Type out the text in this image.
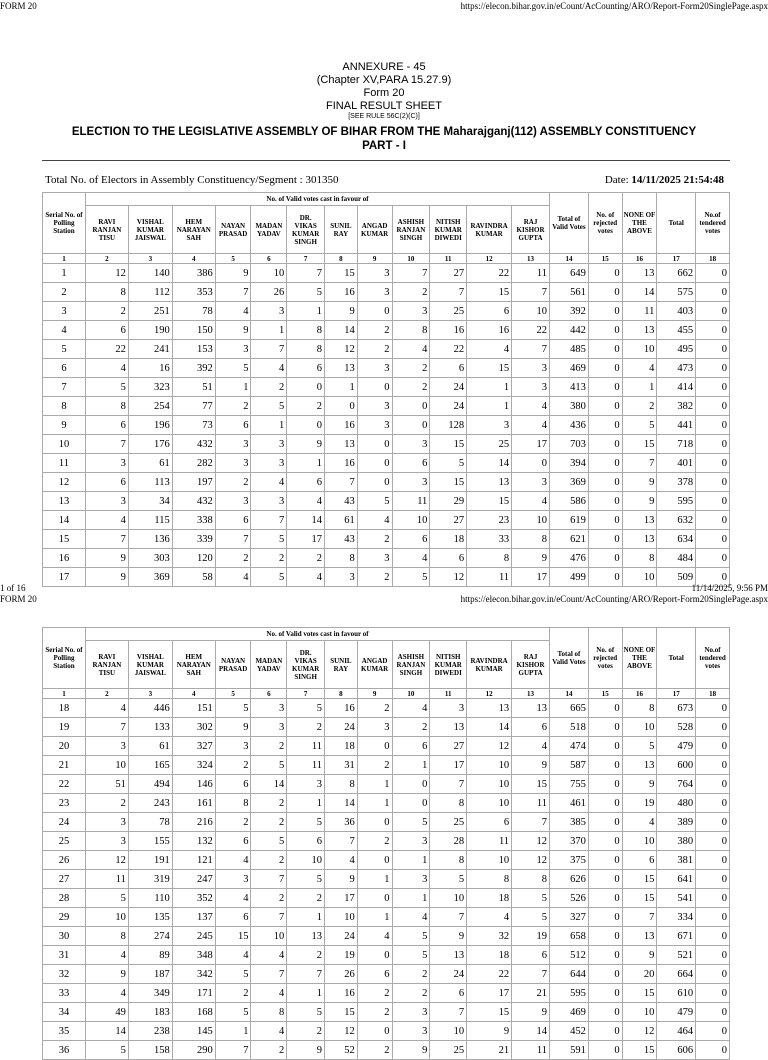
FORM 20	https://elecon.bihar.gov.in/eCount/AcCounting/ARO/Report-Form20SinglePage.aspx
ANNEXURE - 45
(Chapter XV,PARA 15.27.9)
Form 20
FINAL RESULT SHEET
[SEE RULE 56C(2)(C)]
ELECTION TO THE LEGISLATIVE ASSEMBLY OF BIHAR FROM THE Maharajganj(112) ASSEMBLY CONSTITUENCY
PART - I
Total No. of Electors in Assembly Constituency/Segment : 301350	Date: 14/11/2025 21:54:48
Serial No. of Polling Station	No. of Valid votes cast in favour of												Total of Valid Votes	No. of rejected votes	NONE OF THE ABOVE	Total	No.of tendered votes
	RAVI RANJAN TISU	VISHAL KUMAR JAISWAL	HEM NARAYAN SAH	NAYAN PRASAD	MADAN YADAV	DR. VIKAS KUMAR SINGH	SUNIL RAY	ANGAD KUMAR	ASHISH RANJAN SINGH	NITISH KUMAR DIWEDI	RAVINDRA KUMAR	RAJ KISHOR GUPTA					
1	2	3	4	5	6	7	8	9	10	11	12	13	14	15	16	17	18
1	12	140	386	9	10	7	15	3	7	27	22	11	649	0	13	662	0
2	8	112	353	7	26	5	16	3	2	7	15	7	561	0	14	575	0
3	2	251	78	4	3	1	9	0	3	25	6	10	392	0	11	403	0
4	6	190	150	9	1	8	14	2	8	16	16	22	442	0	13	455	0
5	22	241	153	3	7	8	12	2	4	22	4	7	485	0	10	495	0
6	4	16	392	5	4	6	13	3	2	6	15	3	469	0	4	473	0
7	5	323	51	1	2	0	1	0	2	24	1	3	413	0	1	414	0
8	8	254	77	2	5	2	0	3	0	24	1	4	380	0	2	382	0
9	6	196	73	6	1	0	16	3	0	128	3	4	436	0	5	441	0
10	7	176	432	3	3	9	13	0	3	15	25	17	703	0	15	718	0
11	3	61	282	3	3	1	16	0	6	5	14	0	394	0	7	401	0
12	6	113	197	2	4	6	7	0	3	15	13	3	369	0	9	378	0
13	3	34	432	3	3	4	43	5	11	29	15	4	586	0	9	595	0
14	4	115	338	6	7	14	61	4	10	27	23	10	619	0	13	632	0
15	7	136	339	7	5	17	43	2	6	18	33	8	621	0	13	634	0
16	9	303	120	2	2	2	8	3	4	6	8	9	476	0	8	484	0
17	9	369	58	4	5	4	3	2	5	12	11	17	499	0	10	509	0
1 of 16	11/14/2025, 9:56 PM
FORM 20	https://elecon.bihar.gov.in/eCount/AcCounting/ARO/Report-Form20SinglePage.aspx
Serial No. of Polling Station	No. of Valid votes cast in favour of												Total of Valid Votes	No. of rejected votes	NONE OF THE ABOVE	Total	No.of tendered votes
	RAVI RANJAN TISU	VISHAL KUMAR JAISWAL	HEM NARAYAN SAH	NAYAN PRASAD	MADAN YADAV	DR. VIKAS KUMAR SINGH	SUNIL RAY	ANGAD KUMAR	ASHISH RANJAN SINGH	NITISH KUMAR DIWEDI	RAVINDRA KUMAR	RAJ KISHOR GUPTA					
1	2	3	4	5	6	7	8	9	10	11	12	13	14	15	16	17	18
18	4	446	151	5	3	5	16	2	4	3	13	13	665	0	8	673	0
19	7	133	302	9	3	2	24	3	2	13	14	6	518	0	10	528	0
20	3	61	327	3	2	11	18	0	6	27	12	4	474	0	5	479	0
21	10	165	324	2	5	11	31	2	1	17	10	9	587	0	13	600	0
22	51	494	146	6	14	3	8	1	0	7	10	15	755	0	9	764	0
23	2	243	161	8	2	1	14	1	0	8	10	11	461	0	19	480	0
24	3	78	216	2	2	5	36	0	5	25	6	7	385	0	4	389	0
25	3	155	132	6	5	6	7	2	3	28	11	12	370	0	10	380	0
26	12	191	121	4	2	10	4	0	1	8	10	12	375	0	6	381	0
27	11	319	247	3	7	5	9	1	3	5	8	8	626	0	15	641	0
28	5	110	352	4	2	2	17	0	1	10	18	5	526	0	15	541	0
29	10	135	137	6	7	1	10	1	4	7	4	5	327	0	7	334	0
30	8	274	245	15	10	13	24	4	5	9	32	19	658	0	13	671	0
31	4	89	348	4	4	2	19	0	5	13	18	6	512	0	9	521	0
32	9	187	342	5	7	7	26	6	2	24	22	7	644	0	20	664	0
33	4	349	171	2	4	1	16	2	2	6	17	21	595	0	15	610	0
34	49	183	168	5	8	5	15	2	3	7	15	9	469	0	10	479	0
35	14	238	145	1	4	2	12	0	3	10	9	14	452	0	12	464	0
36	5	158	290	7	2	9	52	2	9	25	21	11	591	0	15	606	0
